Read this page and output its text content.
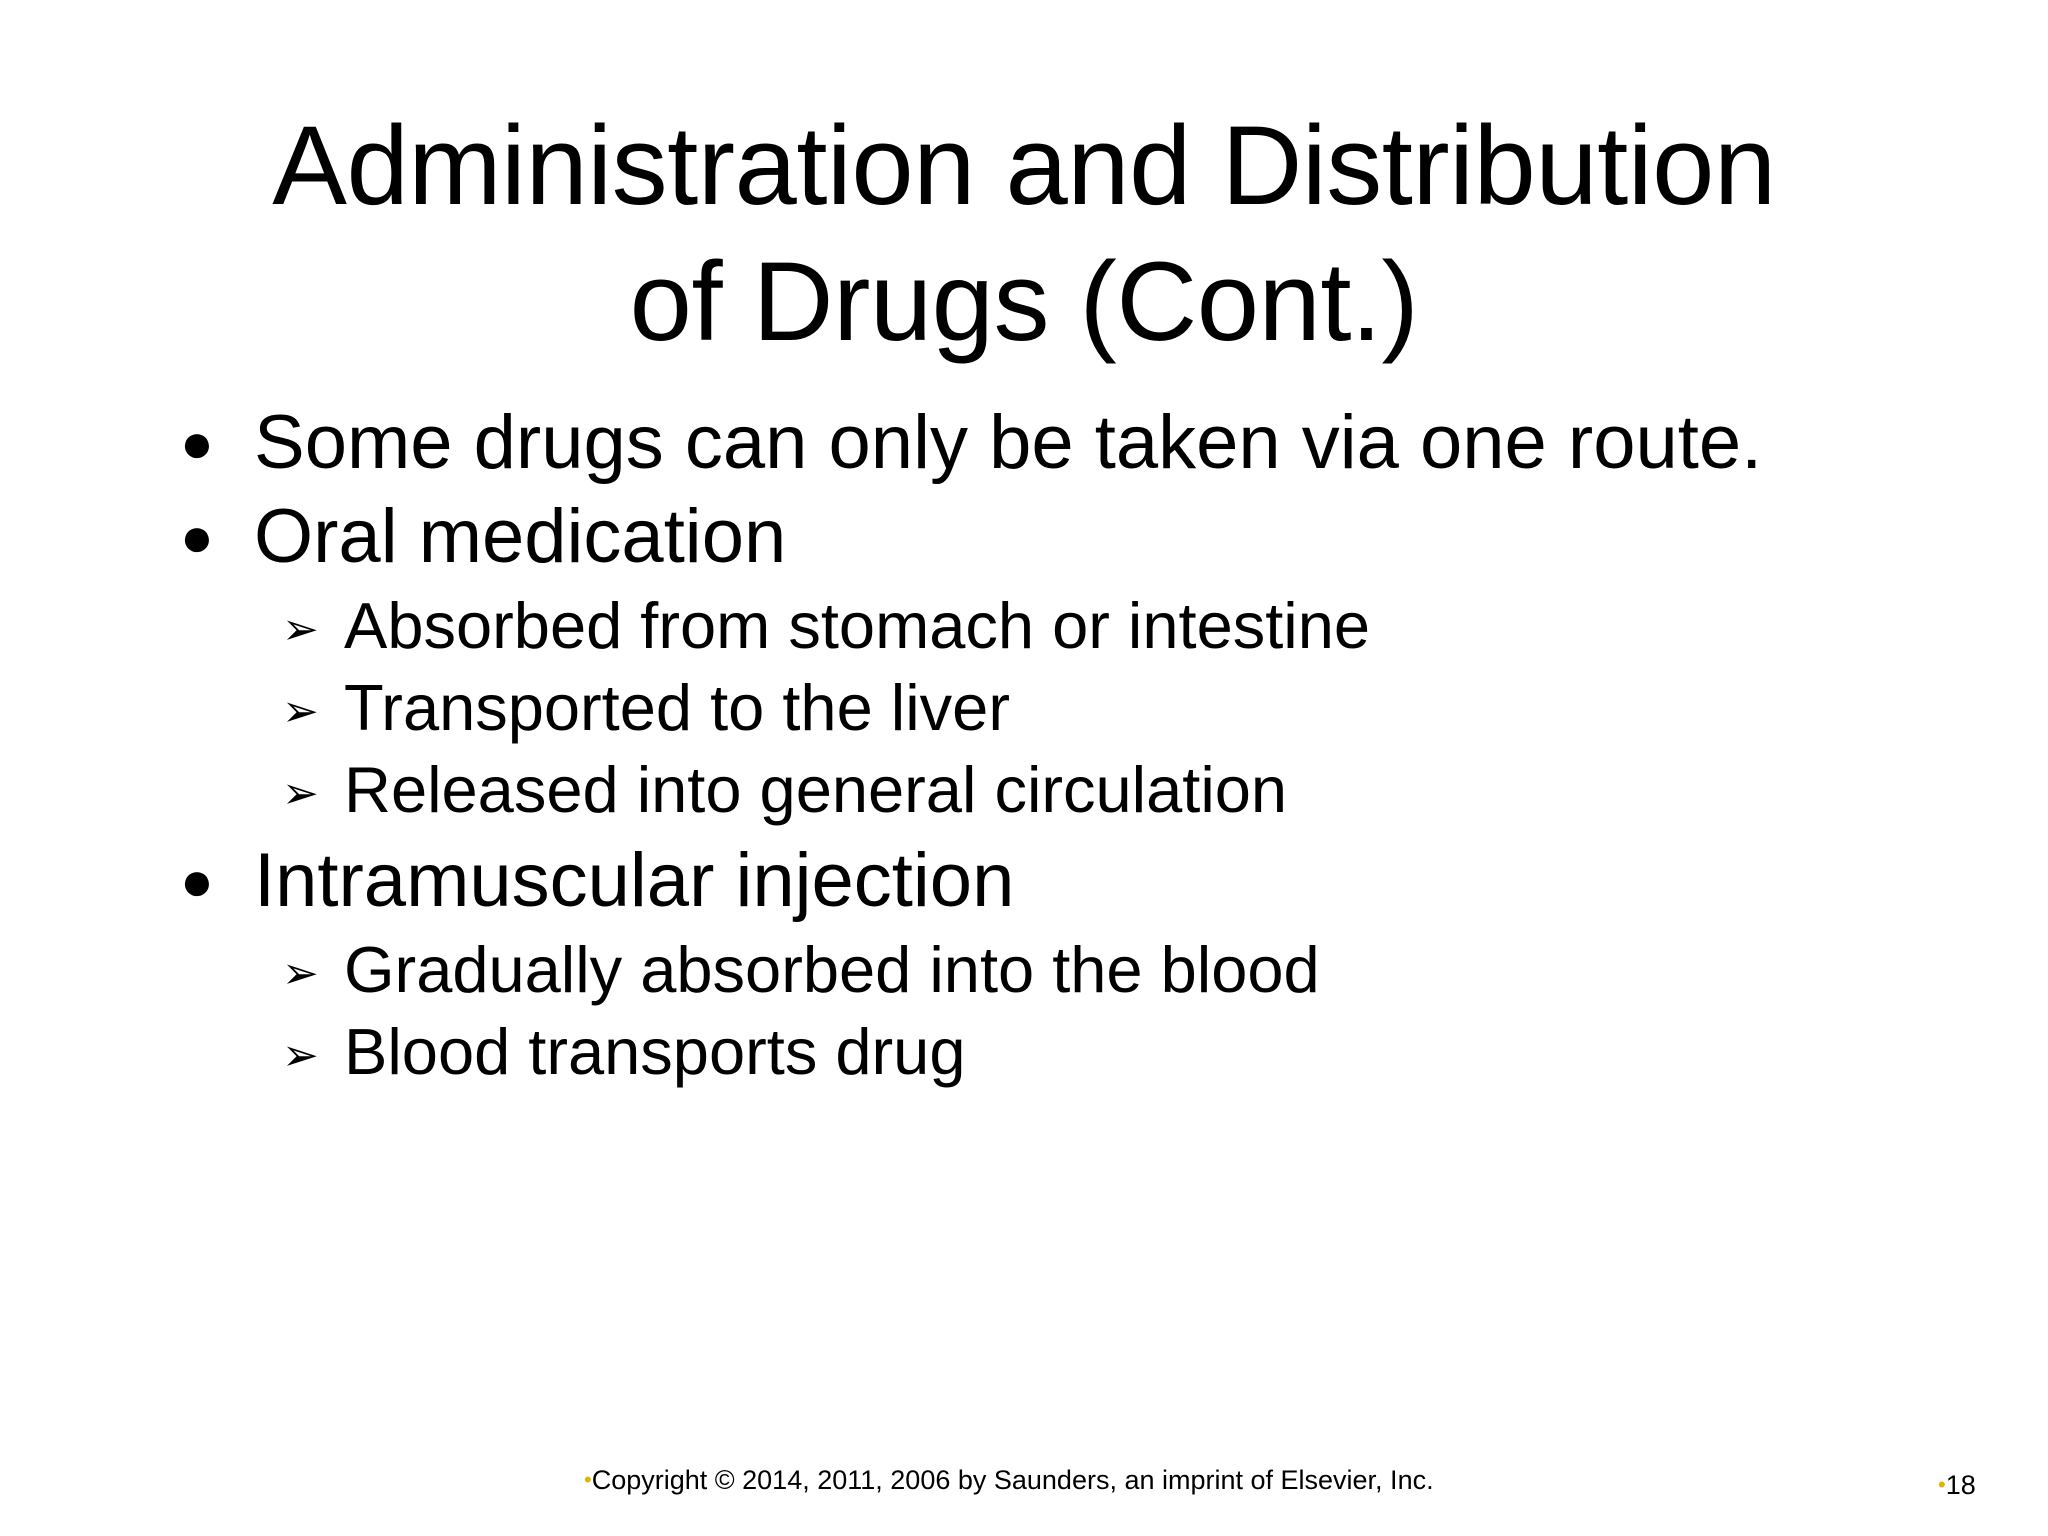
Administration and Distribution
of Drugs (Cont.)
● Some drugs can only be taken via one route.
● Oral medication
➢ Absorbed from stomach or intestine
➢ Transported to the liver
➢ Released into general circulation
● Intramuscular injection
➢ Gradually absorbed into the blood
➢ Blood transports drug
•Copyright © 2014, 2011, 2006 by Saunders, an imprint of Elsevier, Inc.	•18
